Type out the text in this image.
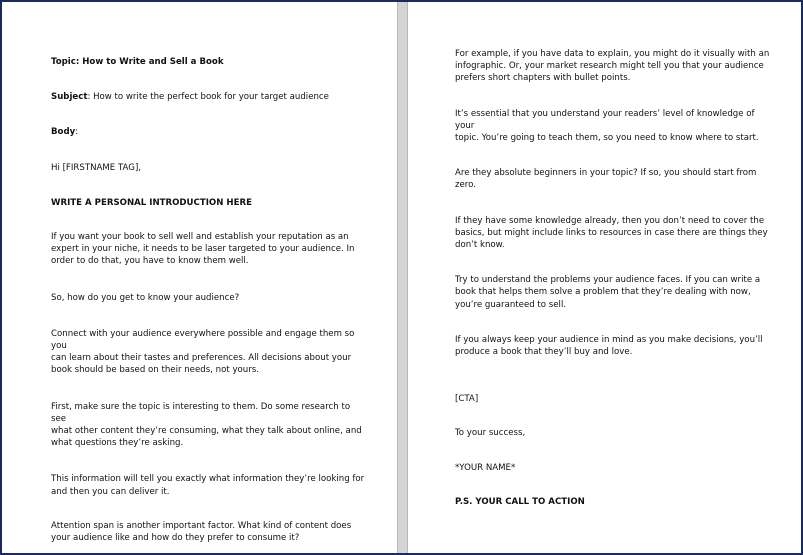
Topic: How to Write and Sell a Book

Subject: How to write the perfect book for your target audience

Body:

Hi [FIRSTNAME TAG],

WRITE A PERSONAL INTRODUCTION HERE

If you want your book to sell well and establish your reputation as an
expert in your niche, it needs to be laser targeted to your audience. In
order to do that, you have to know them well.

So, how do you get to know your audience?

Connect with your audience everywhere possible and engage them so you
can learn about their tastes and preferences. All decisions about your
book should be based on their needs, not yours.

First, make sure the topic is interesting to them. Do some research to see
what other content they’re consuming, what they talk about online, and
what questions they’re asking.

This information will tell you exactly what information they’re looking for
and then you can deliver it.

Attention span is another important factor. What kind of content does
your audience like and how do they prefer to consume it?

For example, if you have data to explain, you might do it visually with an
infographic. Or, your market research might tell you that your audience
prefers short chapters with bullet points.

It’s essential that you understand your readers’ level of knowledge of your
topic. You’re going to teach them, so you need to know where to start.

Are they absolute beginners in your topic? If so, you should start from
zero.

If they have some knowledge already, then you don’t need to cover the
basics, but might include links to resources in case there are things they
don’t know.

Try to understand the problems your audience faces. If you can write a
book that helps them solve a problem that they’re dealing with now,
you’re guaranteed to sell.

If you always keep your audience in mind as you make decisions, you’ll
produce a book that they’ll buy and love.

[CTA]

To your success,

*YOUR NAME*

P.S. YOUR CALL TO ACTION
